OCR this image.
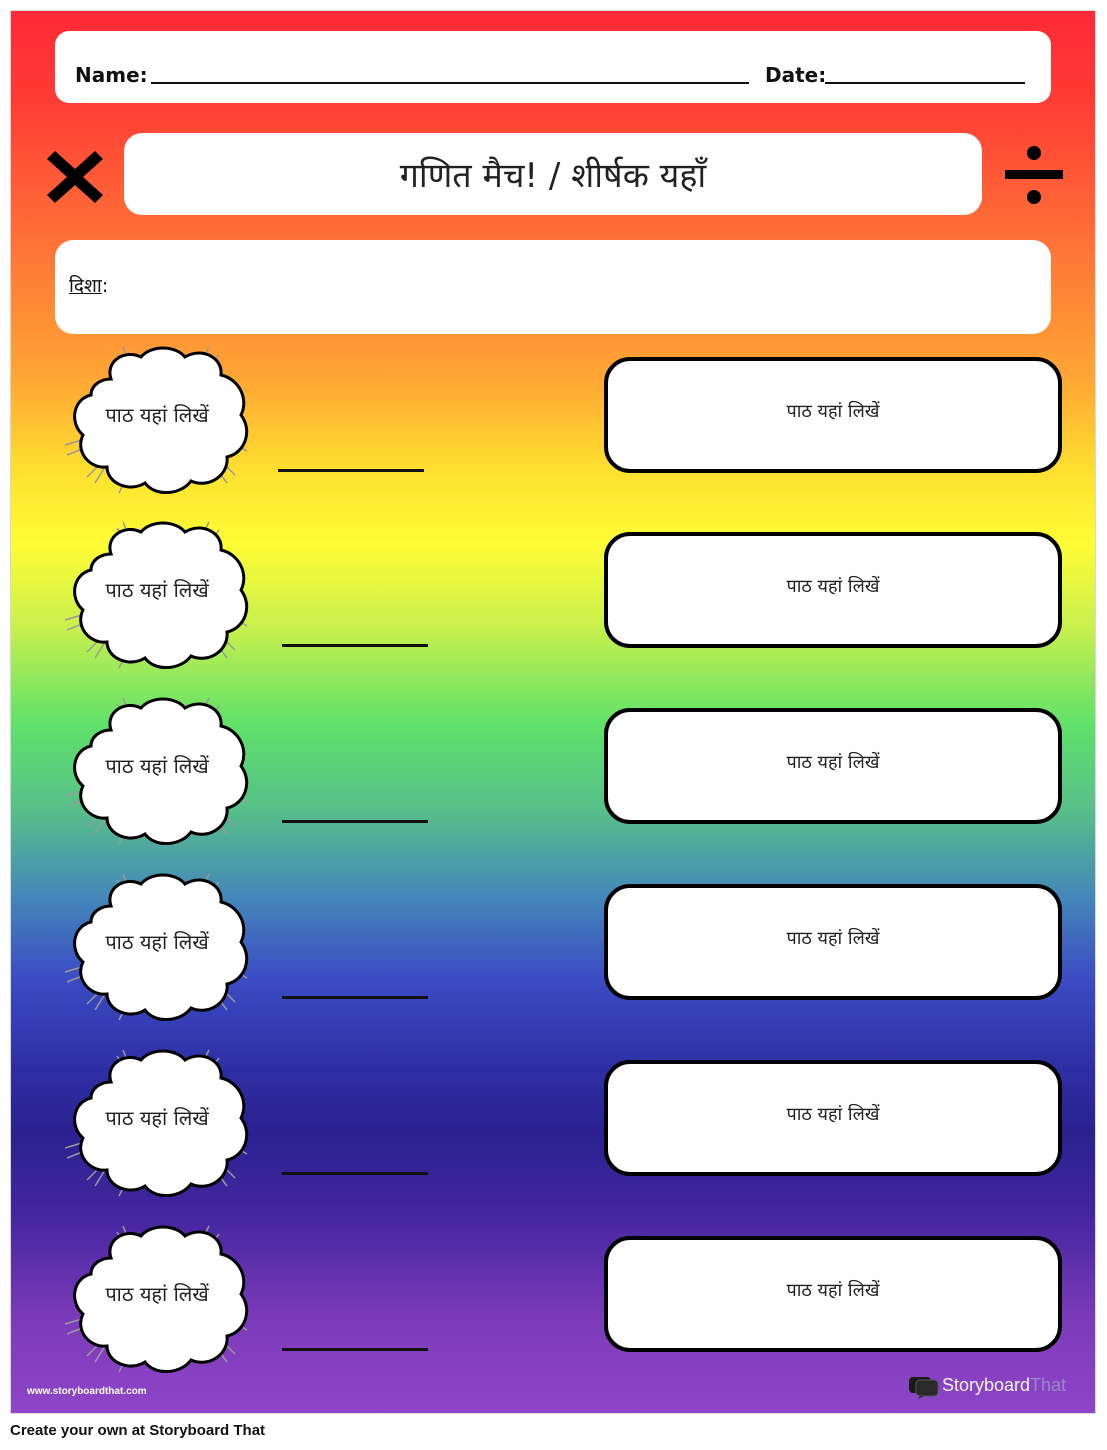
Name:	Date:
गणित मैच! / शीर्षक यहाँ
दिशा:
पाठ यहां लिखें	पाठ यहां लिखें
पाठ यहां लिखें	पाठ यहां लिखें
पाठ यहां लिखें	पाठ यहां लिखें
पाठ यहां लिखें	पाठ यहां लिखें
पाठ यहां लिखें	पाठ यहां लिखें
पाठ यहां लिखें	पाठ यहां लिखें
www.storyboardthat.com	StoryboardThat
Create your own at Storyboard That
